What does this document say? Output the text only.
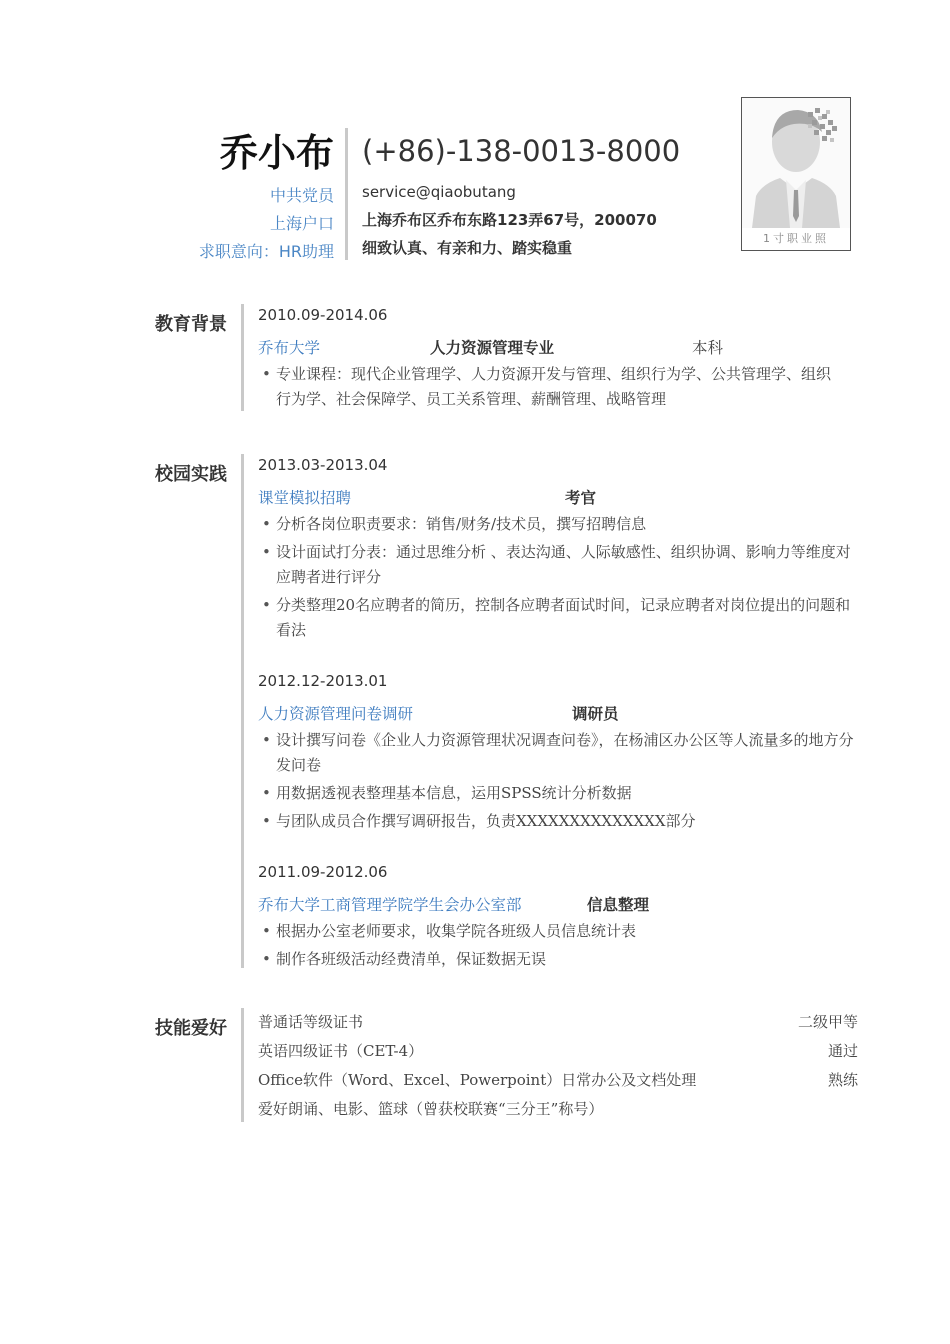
乔小布
中共党员
上海户口
求职意向：HR助理
(+86)-138-0013-8000
service@qiaobutang
上海乔布区乔布东路123弄67号，200070
细致认真、有亲和力、踏实稳重
1寸职业照
教育背景 2010.09-2014.06
乔布大学	人力资源管理专业	本科
• 专业课程：现代企业管理学、人力资源开发与管理、组织行为学、公共管理学、组织行为学、社会保障学、员工关系管理、薪酬管理、战略管理
校园实践 2013.03-2013.04
课堂模拟招聘	考官
• 分析各岗位职责要求：销售/财务/技术员，撰写招聘信息
• 设计面试打分表：通过思维分析 、表达沟通、人际敏感性、组织协调、影响力等维度对应聘者进行评分
• 分类整理20名应聘者的简历，控制各应聘者面试时间，记录应聘者对岗位提出的问题和看法
2012.12-2013.01
人力资源管理问卷调研	调研员
• 设计撰写问卷《企业人力资源管理状况调查问卷》，在杨浦区办公区等人流量多的地方分发问卷
• 用数据透视表整理基本信息，运用SPSS统计分析数据
• 与团队成员合作撰写调研报告，负责XXXXXXXXXXXXXX部分
2011.09-2012.06
乔布大学工商管理学院学生会办公室部	信息整理
• 根据办公室老师要求，收集学院各班级人员信息统计表
• 制作各班级活动经费清单，保证数据无误
技能爱好 普通话等级证书	二级甲等
英语四级证书（CET-4）	通过
Office软件（Word、Excel、Powerpoint）日常办公及文档处理	熟练
爱好朗诵、电影、篮球（曾获校联赛“三分王”称号）
